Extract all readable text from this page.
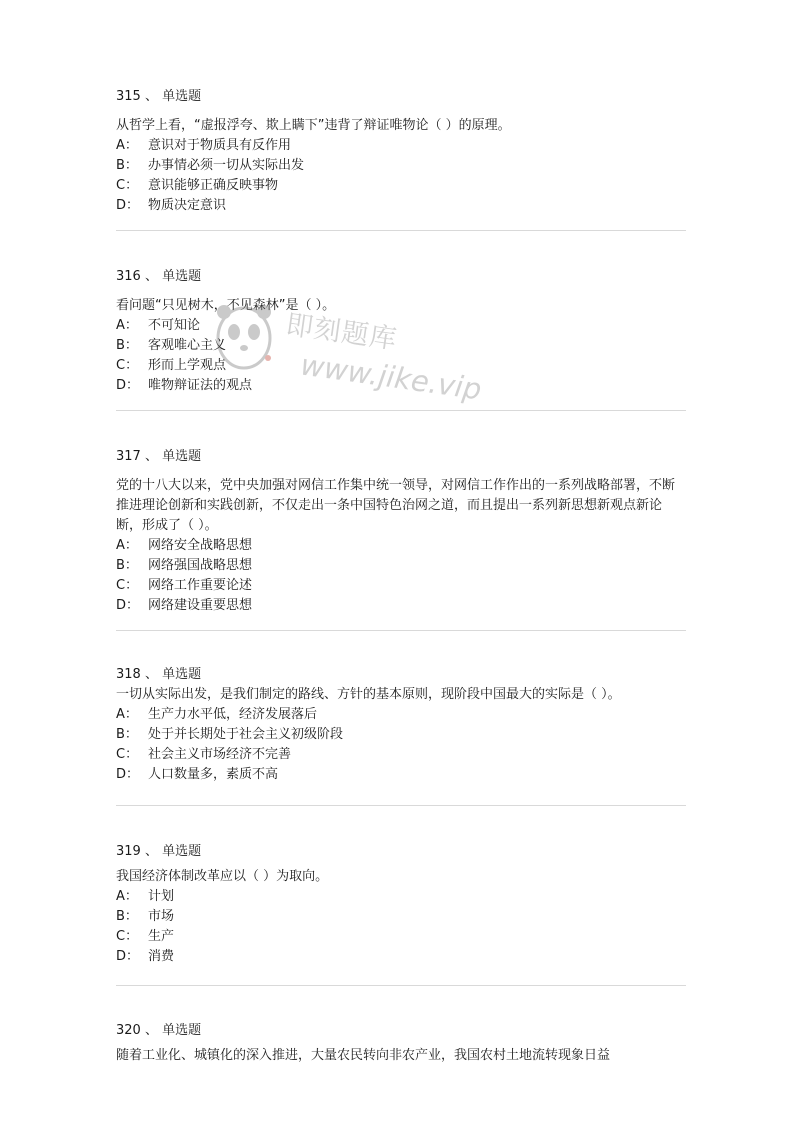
315 、 单选题
从哲学上看，“虚报浮夸、欺上瞒下”违背了辩证唯物论（ ）的原理。
A： 意识对于物质具有反作用
B： 办事情必须一切从实际出发
C： 意识能够正确反映事物
D： 物质决定意识
316 、 单选题
看问题“只见树木，不见森林”是（ ）。
A： 不可知论
B： 客观唯心主义
C： 形而上学观点
D： 唯物辩证法的观点
317 、 单选题
党的十八大以来，党中央加强对网信工作集中统一领导，对网信工作作出的一系列战略部署，不断推进理论创新和实践创新，不仅走出一条中国特色治网之道，而且提出一系列新思想新观点新论断，形成了（ ）。
A： 网络安全战略思想
B： 网络强国战略思想
C： 网络工作重要论述
D： 网络建设重要思想
318 、 单选题
一切从实际出发，是我们制定的路线、方针的基本原则，现阶段中国最大的实际是（ ）。
A： 生产力水平低，经济发展落后
B： 处于并长期处于社会主义初级阶段
C： 社会主义市场经济不完善
D： 人口数量多，素质不高
319 、 单选题
我国经济体制改革应以（ ）为取向。
A： 计划
B： 市场
C： 生产
D： 消费
320 、 单选题
随着工业化、城镇化的深入推进，大量农民转向非农产业，我国农村土地流转现象日益
即刻题库
www.jike.vip
